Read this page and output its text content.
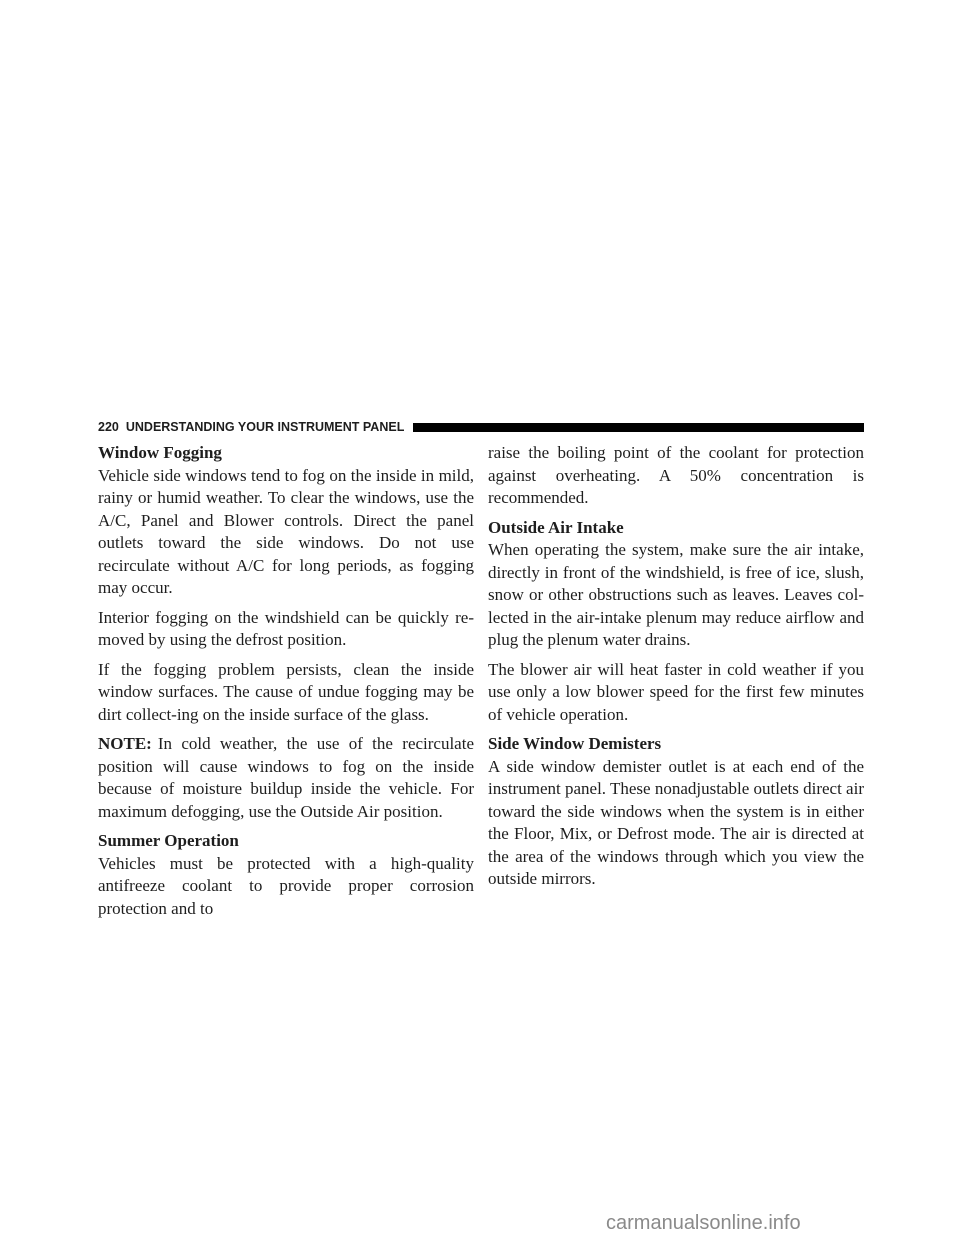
220 UNDERSTANDING YOUR INSTRUMENT PANEL
Window Fogging

Vehicle side windows tend to fog on the inside in mild, rainy or humid weather. To clear the windows, use the A/C, Panel and Blower controls. Direct the panel outlets toward the side windows. Do not use recirculate without A/C for long periods, as fogging may occur.

Interior fogging on the windshield can be quickly re-moved by using the defrost position.

If the fogging problem persists, clean the inside window surfaces. The cause of undue fogging may be dirt collect-ing on the inside surface of the glass.

NOTE: In cold weather, the use of the recirculate position will cause windows to fog on the inside because of moisture buildup inside the vehicle. For maximum defogging, use the Outside Air position.

Summer Operation

Vehicles must be protected with a high-quality antifreeze coolant to provide proper corrosion protection and to

raise the boiling point of the coolant for protection against overheating. A 50% concentration is recommended.

Outside Air Intake

When operating the system, make sure the air intake, directly in front of the windshield, is free of ice, slush, snow or other obstructions such as leaves. Leaves col-lected in the air-intake plenum may reduce airflow and plug the plenum water drains.

The blower air will heat faster in cold weather if you use only a low blower speed for the first few minutes of vehicle operation.

Side Window Demisters

A side window demister outlet is at each end of the instrument panel. These nonadjustable outlets direct air toward the side windows when the system is in either the Floor, Mix, or Defrost mode. The air is directed at the area of the windows through which you view the outside mirrors.

carmanualsonline.info
